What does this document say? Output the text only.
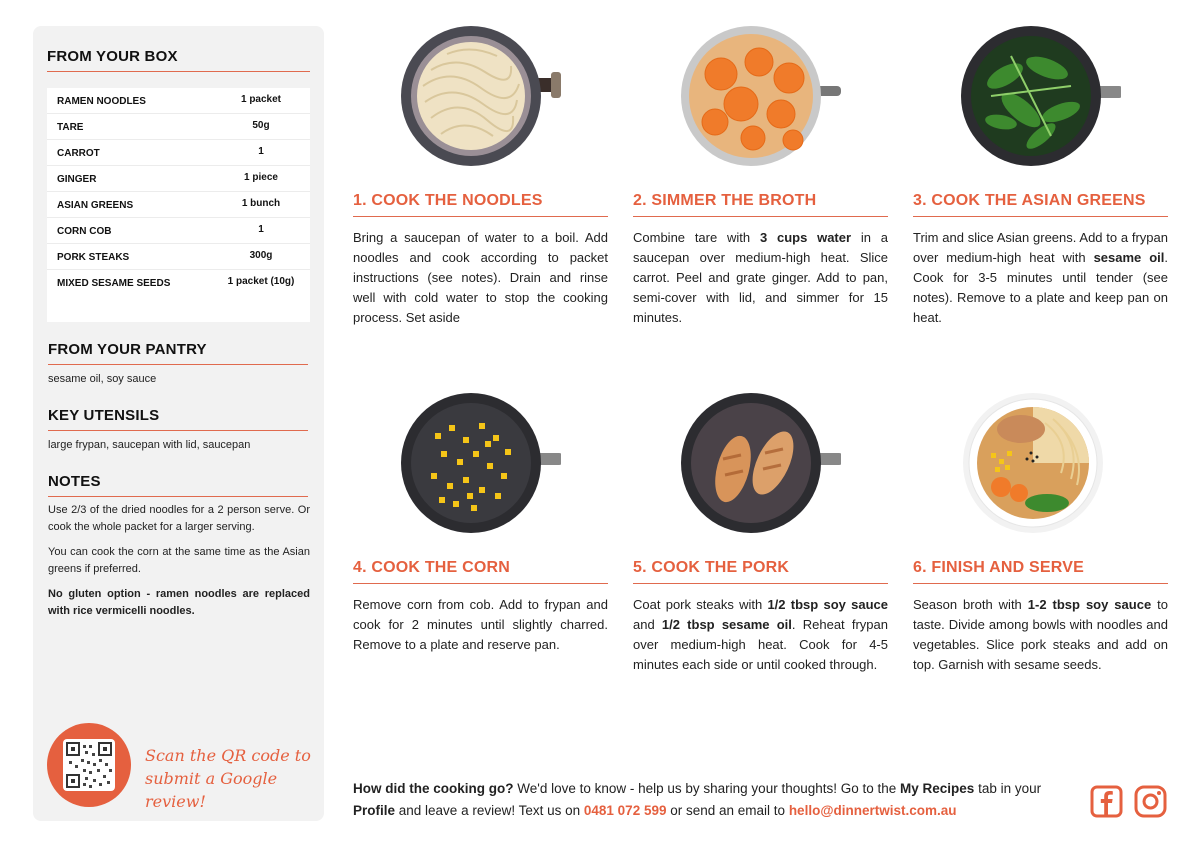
FROM YOUR BOX
RAMEN NOODLES	1 packet
TARE	50g
CARROT	1
GINGER	1 piece
ASIAN GREENS	1 bunch
CORN COB	1
PORK STEAKS	300g
MIXED SESAME SEEDS	1 packet (10g)
FROM YOUR PANTRY
sesame oil, soy sauce
KEY UTENSILS
large frypan, saucepan with lid, saucepan
NOTES
Use 2/3 of the dried noodles for a 2 person serve. Or cook the whole packet for a larger serving.
You can cook the corn at the same time as the Asian greens if preferred.
No gluten option - ramen noodles are replaced with rice vermicelli noodles.
Scan the QR code to submit a Google review!
1. COOK THE NOODLES
Bring a saucepan of water to a boil. Add noodles and cook according to packet instructions (see notes). Drain and rinse well with cold water to stop the cooking process. Set aside
2. SIMMER THE BROTH
Combine tare with 3 cups water in a saucepan over medium-high heat. Slice carrot. Peel and grate ginger. Add to pan, semi-cover with lid, and simmer for 15 minutes.
3. COOK THE ASIAN GREENS
Trim and slice Asian greens. Add to a frypan over medium-high heat with sesame oil. Cook for 3-5 minutes until tender (see notes). Remove to a plate and keep pan on heat.
4. COOK THE CORN
Remove corn from cob. Add to frypan and cook for 2 minutes until slightly charred. Remove to a plate and reserve pan.
5. COOK THE PORK
Coat pork steaks with 1/2 tbsp soy sauce and 1/2 tbsp sesame oil. Reheat frypan over medium-high heat. Cook for 4-5 minutes each side or until cooked through.
6. FINISH AND SERVE
Season broth with 1-2 tbsp soy sauce to taste. Divide among bowls with noodles and vegetables. Slice pork steaks and add on top. Garnish with sesame seeds.
How did the cooking go? We'd love to know - help us by sharing your thoughts! Go to the My Recipes tab in your Profile and leave a review! Text us on 0481 072 599 or send an email to hello@dinnertwist.com.au
